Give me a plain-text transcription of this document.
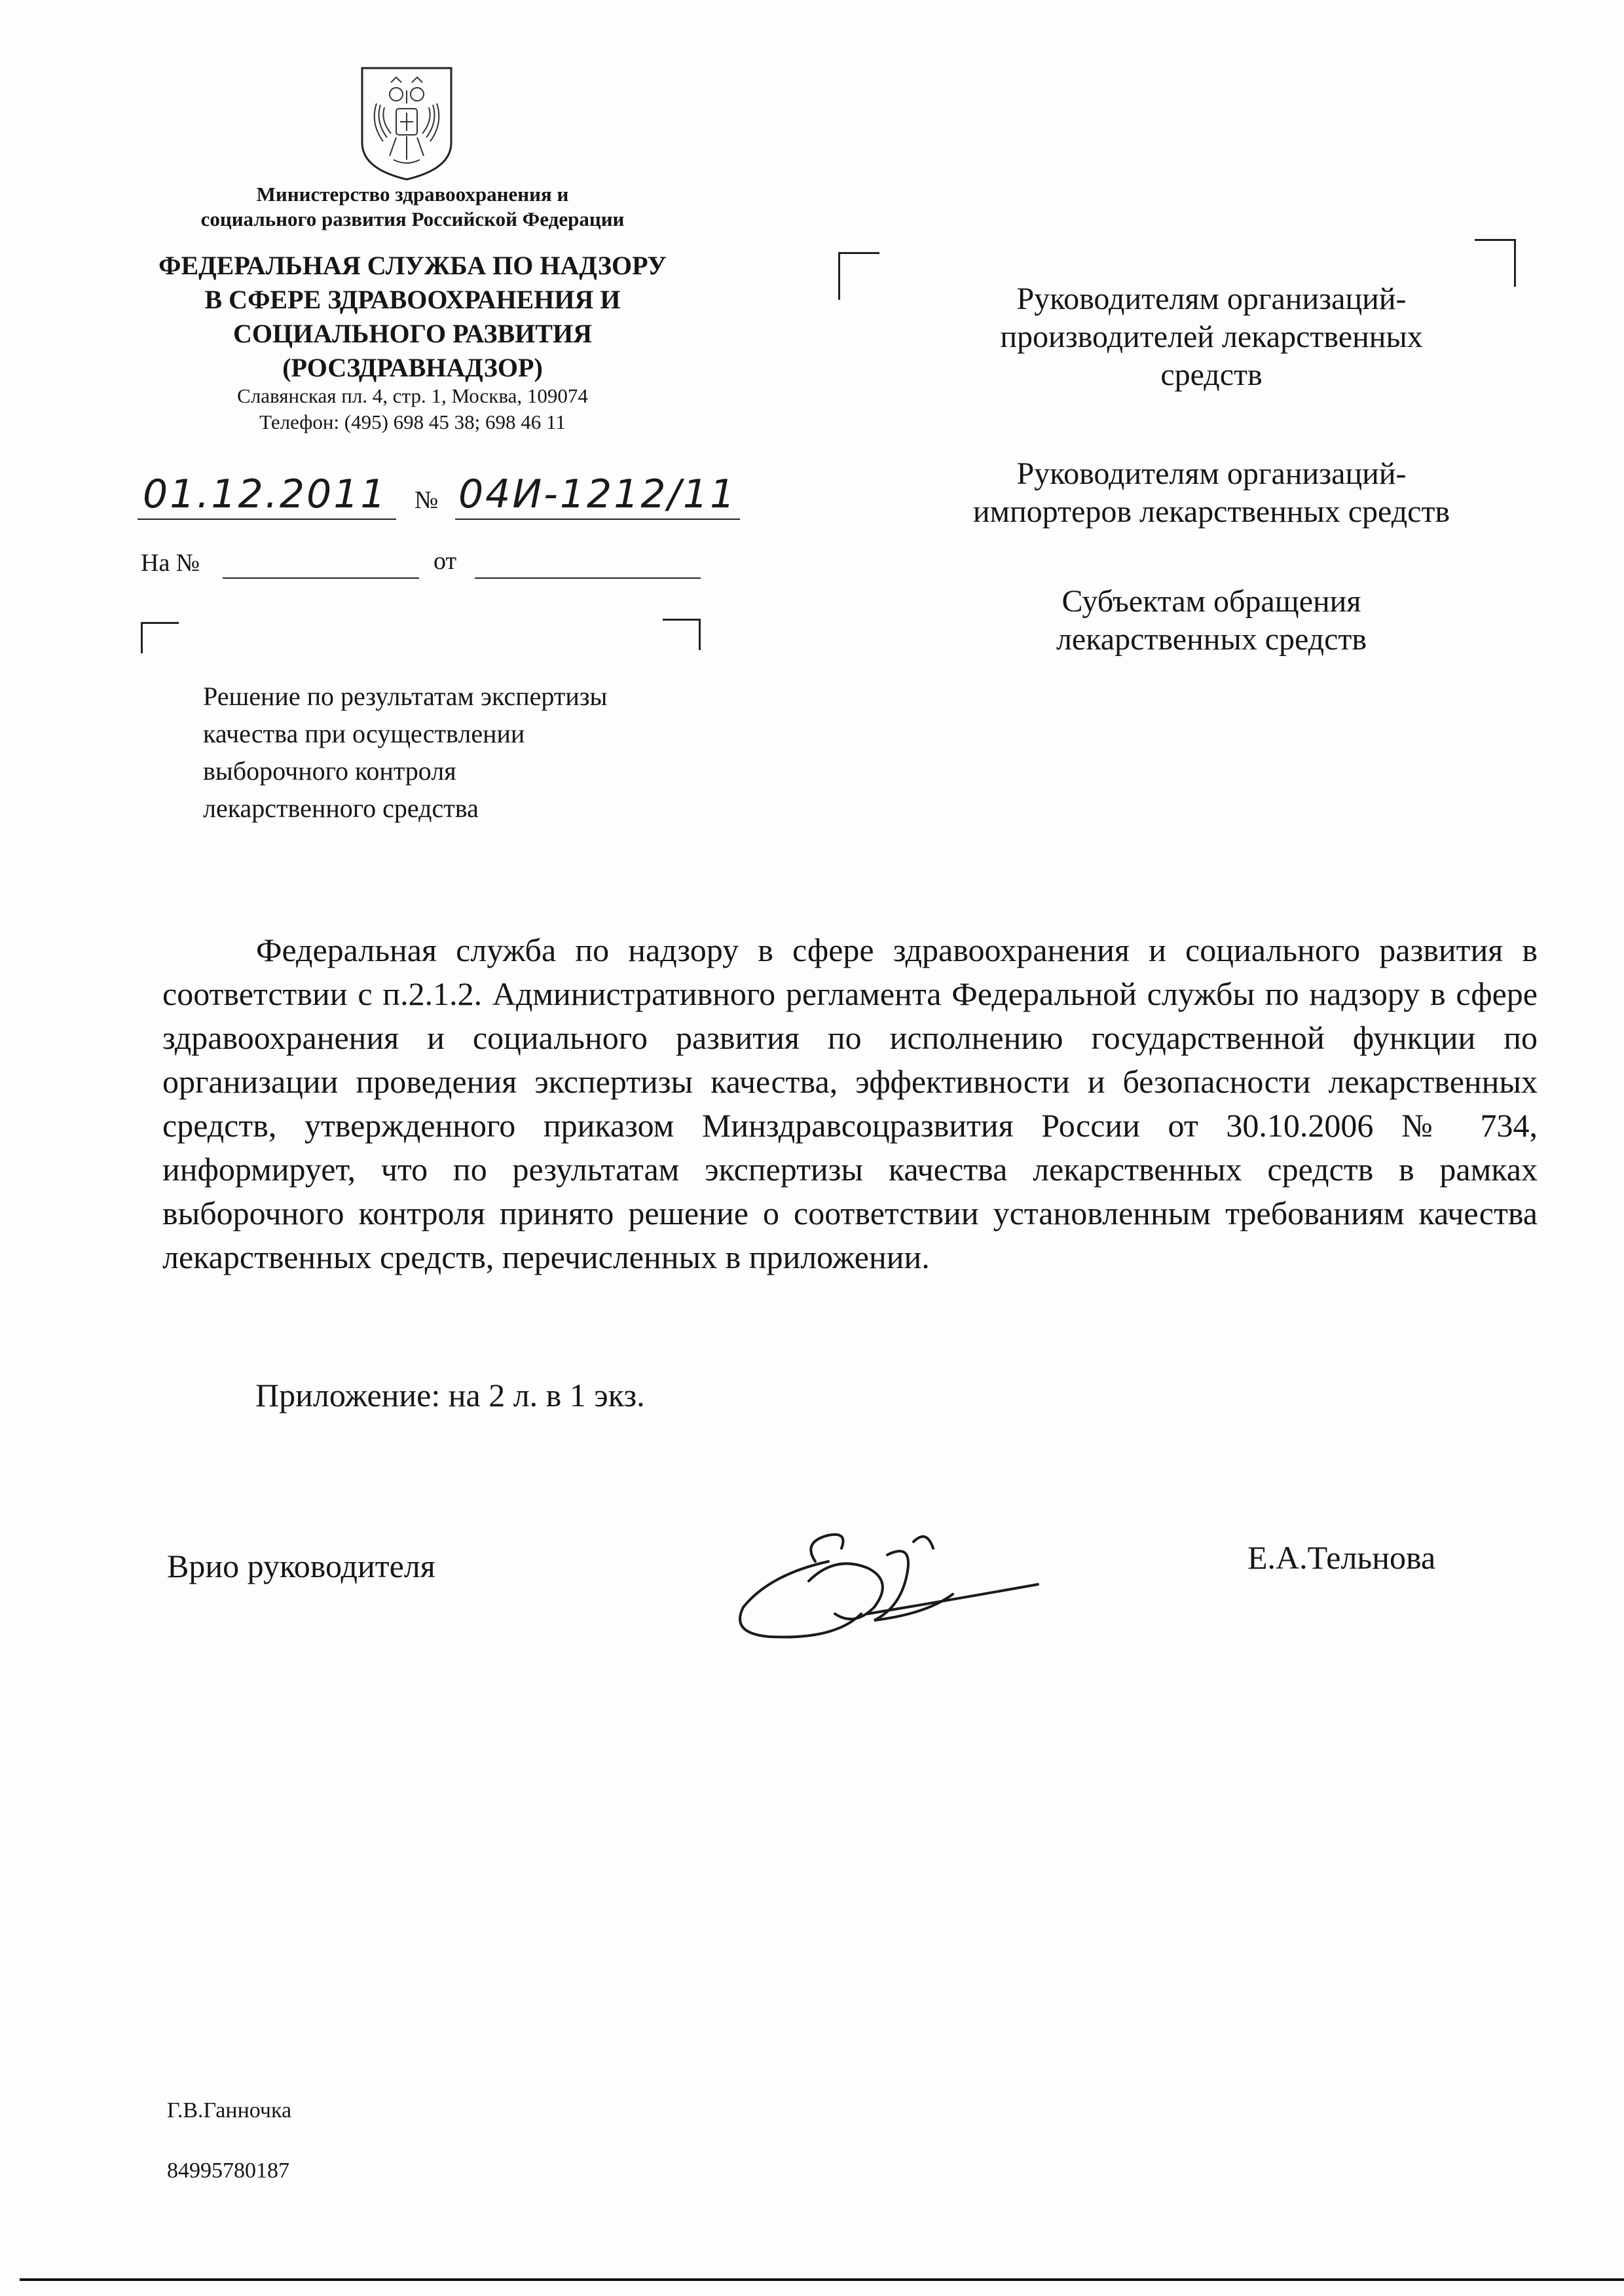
Министерство здравоохранения и
социального развития Российской Федерации
ФЕДЕРАЛЬНАЯ СЛУЖБА ПО НАДЗОРУ
В СФЕРЕ ЗДРАВООХРАНЕНИЯ И
СОЦИАЛЬНОГО РАЗВИТИЯ
(РОСЗДРАВНАДЗОР)
Славянская пл. 4, стр. 1, Москва, 109074
Телефон: (495) 698 45 38; 698 46 11
01.12.2011	№ 04И-1212/11
На №	от
Решение по результатам экспертизы
качества при осуществлении
выборочного контроля
лекарственного средства
Руководителям организаций-
производителей лекарственных
средств
Руководителям организаций-
импортеров лекарственных средств
Субъектам обращения
лекарственных средств
Федеральная служба по надзору в сфере здравоохранения и социального развития в соответствии с п.2.1.2. Административного регламента Федеральной службы по надзору в сфере здравоохранения и социального развития по исполнению государственной функции по организации проведения экспертизы качества, эффективности и безопасности лекарственных средств, утвержденного приказом Минздравсоцразвития России от 30.10.2006 № 734, информирует, что по результатам экспертизы качества лекарственных средств в рамках выборочного контроля принято решение о соответствии установленным требованиям качества лекарственных средств, перечисленных в приложении.
Приложение: на 2 л. в 1 экз.
Врио руководителя	Е.А.Тельнова

Г.В.Ганночка

84995780187
